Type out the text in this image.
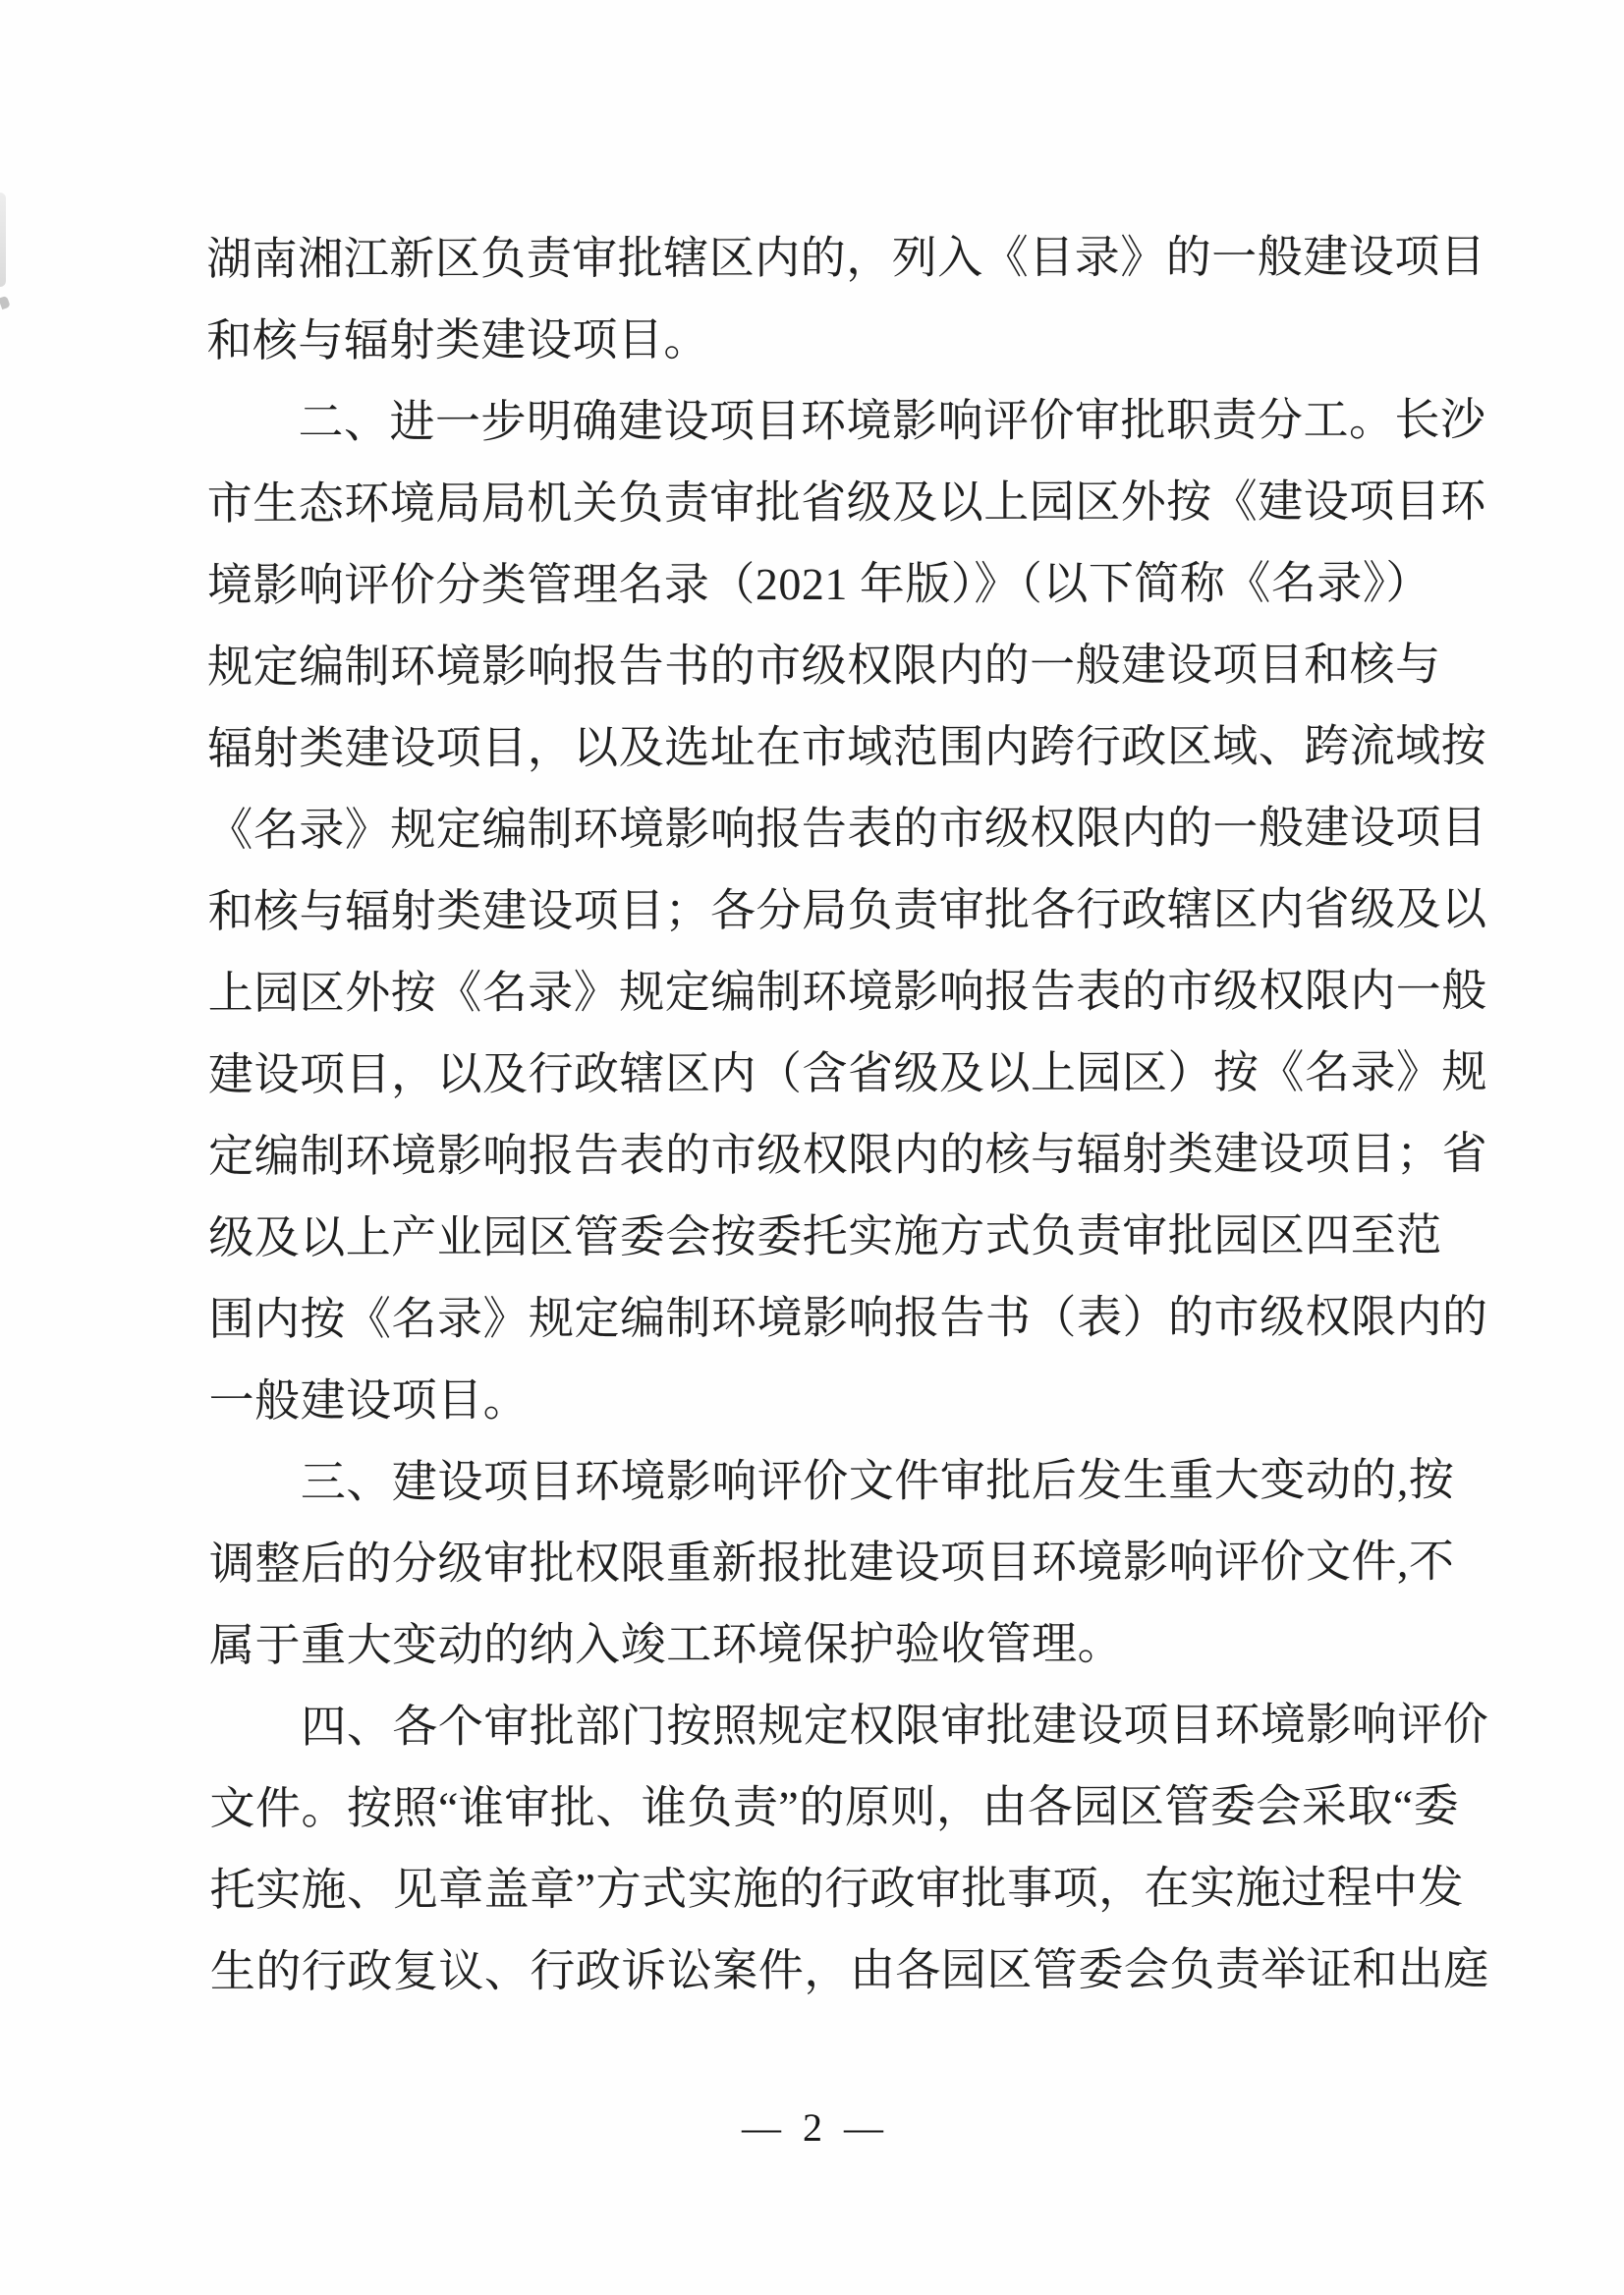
湖南湘江新区负责审批辖区内的，列入《目录》的一般建设项目
和核与辐射类建设项目。
二、进一步明确建设项目环境影响评价审批职责分工。长沙
市生态环境局局机关负责审批省级及以上园区外按《建设项目环
境影响评价分类管理名录（2021 年版）》（以下简称《名录》）
规定编制环境影响报告书的市级权限内的一般建设项目和核与
辐射类建设项目，以及选址在市域范围内跨行政区域、跨流域按
《名录》规定编制环境影响报告表的市级权限内的一般建设项目
和核与辐射类建设项目；各分局负责审批各行政辖区内省级及以
上园区外按《名录》规定编制环境影响报告表的市级权限内一般
建设项目，以及行政辖区内（含省级及以上园区）按《名录》规
定编制环境影响报告表的市级权限内的核与辐射类建设项目；省
级及以上产业园区管委会按委托实施方式负责审批园区四至范
围内按《名录》规定编制环境影响报告书（表）的市级权限内的
一般建设项目。
三、建设项目环境影响评价文件审批后发生重大变动的,按
调整后的分级审批权限重新报批建设项目环境影响评价文件,不
属于重大变动的纳入竣工环境保护验收管理。
四、各个审批部门按照规定权限审批建设项目环境影响评价
文件。按照“谁审批、谁负责”的原则，由各园区管委会采取“委
托实施、见章盖章”方式实施的行政审批事项，在实施过程中发
生的行政复议、行政诉讼案件，由各园区管委会负责举证和出庭
— 2 —
